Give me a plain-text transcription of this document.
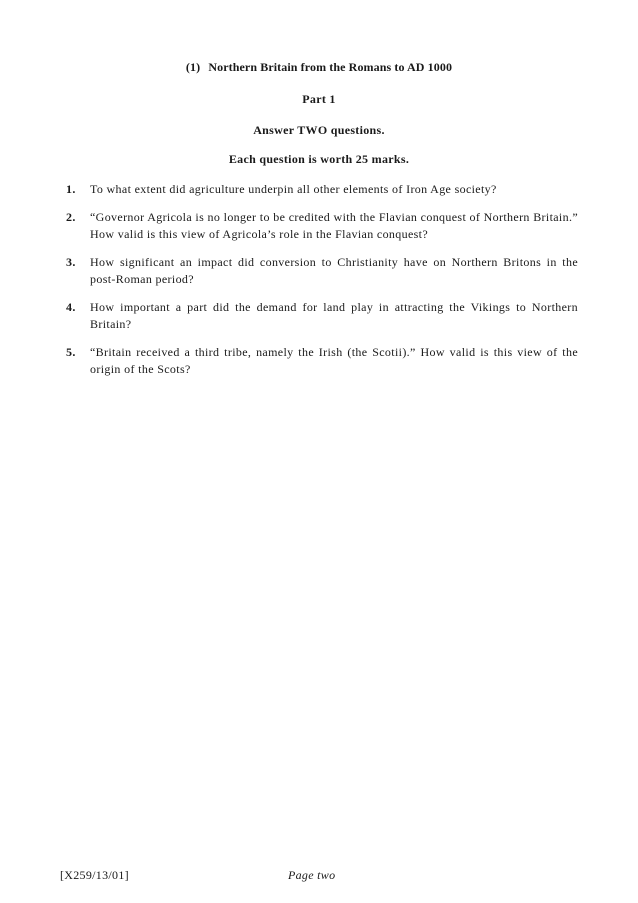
(1) Northern Britain from the Romans to AD 1000
Part 1
Answer TWO questions.
Each question is worth 25 marks.
1.	To what extent did agriculture underpin all other elements of Iron Age society?
2.	“Governor Agricola is no longer to be credited with the Flavian conquest of Northern Britain.” How valid is this view of Agricola’s role in the Flavian conquest?
3.	How significant an impact did conversion to Christianity have on Northern Britons in the post-Roman period?
4.	How important a part did the demand for land play in attracting the Vikings to Northern Britain?
5.	“Britain received a third tribe, namely the Irish (the Scotii).” How valid is this view of the origin of the Scots?
[X259/13/01]	Page two
